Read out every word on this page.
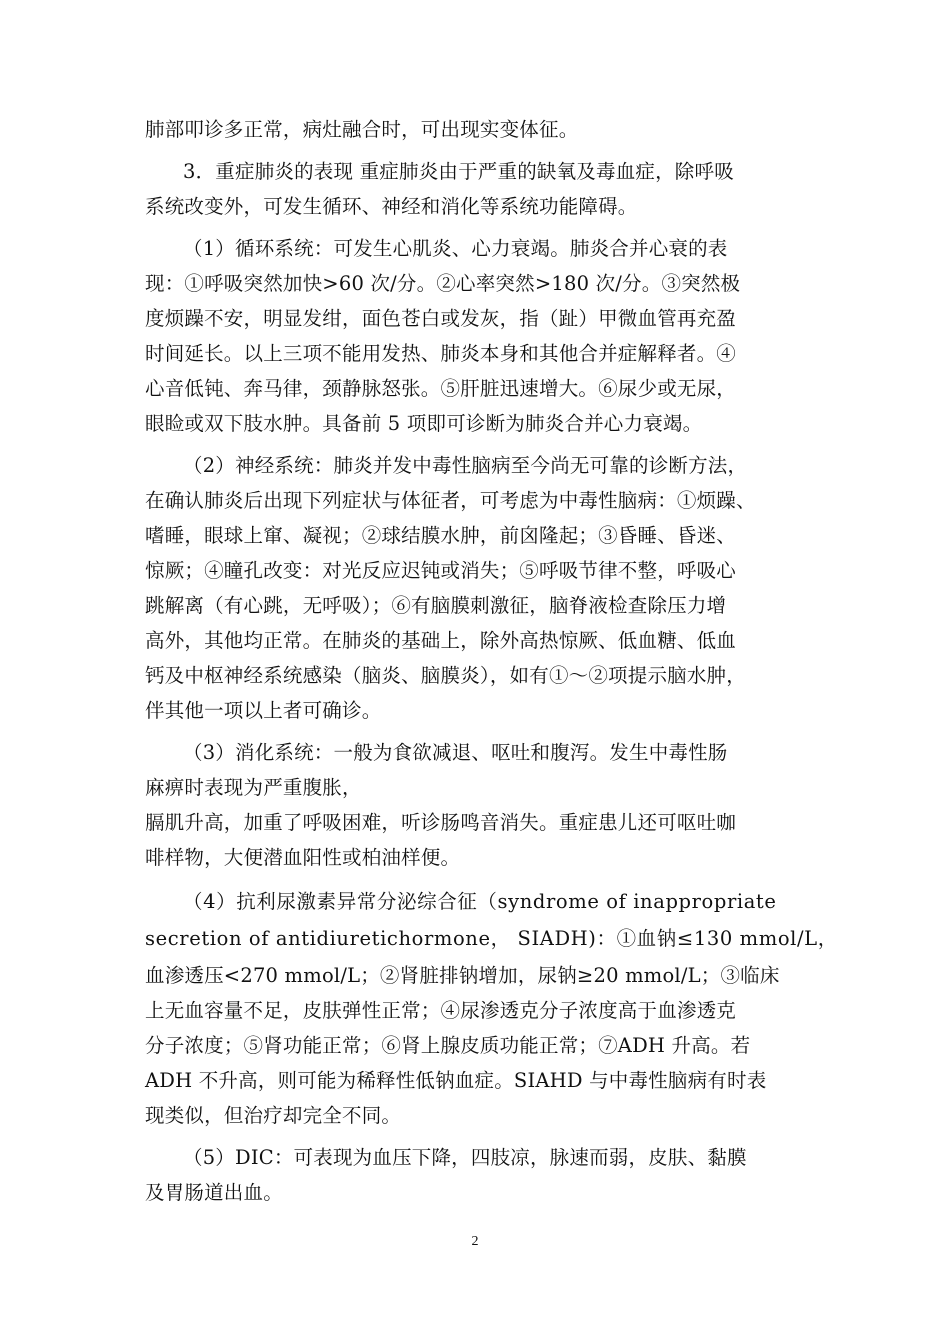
肺部叩诊多正常，病灶融合时，可出现实变体征。
3．重症肺炎的表现 重症肺炎由于严重的缺氧及毒血症，除呼吸
系统改变外，可发生循环、神经和消化等系统功能障碍。
（1）循环系统：可发生心肌炎、心力衰竭。肺炎合并心衰的表
现：①呼吸突然加快>60 次/分。②心率突然>180 次/分。③突然极
度烦躁不安，明显发绀，面色苍白或发灰，指（趾）甲微血管再充盈
时间延长。以上三项不能用发热、肺炎本身和其他合并症解释者。④
心音低钝、奔马律，颈静脉怒张。⑤肝脏迅速增大。⑥尿少或无尿，
眼睑或双下肢水肿。具备前 5 项即可诊断为肺炎合并心力衰竭。
（2）神经系统：肺炎并发中毒性脑病至今尚无可靠的诊断方法，
在确认肺炎后出现下列症状与体征者，可考虑为中毒性脑病：①烦躁、
嗜睡，眼球上窜、凝视；②球结膜水肿，前囟隆起；③昏睡、昏迷、
惊厥；④瞳孔改变：对光反应迟钝或消失；⑤呼吸节律不整，呼吸心
跳解离（有心跳，无呼吸）；⑥有脑膜刺激征，脑脊液检查除压力增
高外，其他均正常。在肺炎的基础上，除外高热惊厥、低血糖、低血
钙及中枢神经系统感染（脑炎、脑膜炎），如有①～②项提示脑水肿，
伴其他一项以上者可确诊。
（3）消化系统：一般为食欲减退、呕吐和腹泻。发生中毒性肠
麻痹时表现为严重腹胀，
膈肌升高，加重了呼吸困难，听诊肠鸣音消失。重症患儿还可呕吐咖
啡样物，大便潜血阳性或柏油样便。
（4）抗利尿激素异常分泌综合征（syndrome of inappropriate
secretion of antidiuretichormone， SIADH)：①血钠≤130 mmol/L，
血渗透压<270 mmol/L；②肾脏排钠增加，尿钠≥20 mmol/L；③临床
上无血容量不足，皮肤弹性正常；④尿渗透克分子浓度高于血渗透克
分子浓度；⑤肾功能正常；⑥肾上腺皮质功能正常；⑦ADH 升高。若
ADH 不升高，则可能为稀释性低钠血症。SIAHD 与中毒性脑病有时表
现类似，但治疗却完全不同。
（5）DIC：可表现为血压下降，四肢凉，脉速而弱，皮肤、黏膜
及胃肠道出血。
2
